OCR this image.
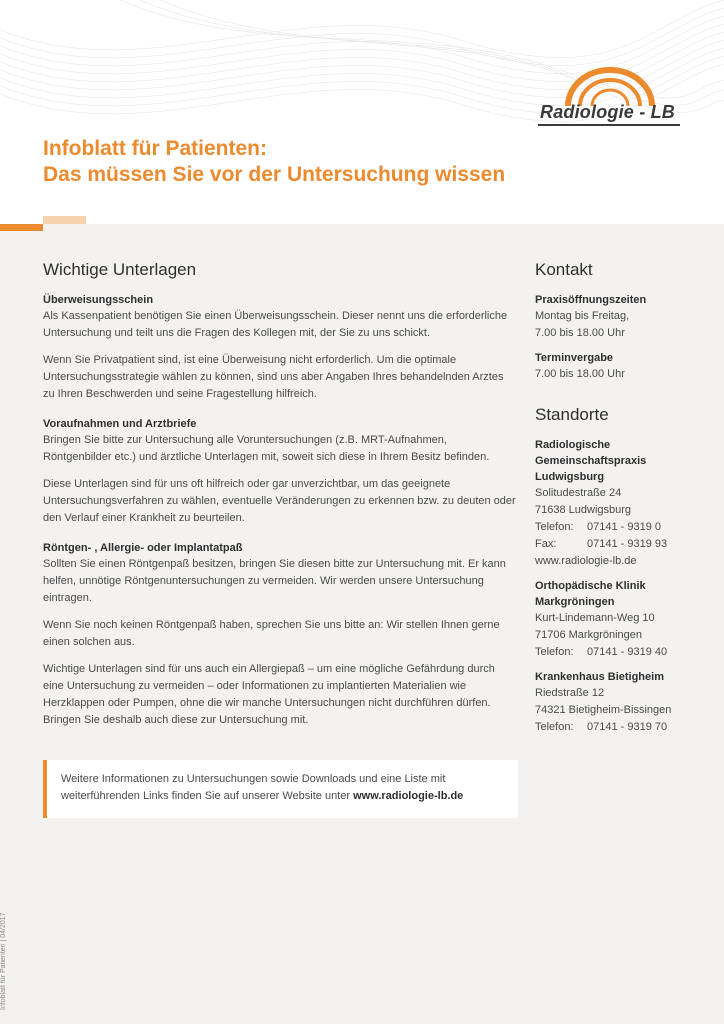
Radiologie - LB
Infoblatt für Patienten:
Das müssen Sie vor der Untersuchung wissen
Wichtige Unterlagen
Überweisungsschein

Als Kassenpatient benötigen Sie einen Überweisungsschein. Dieser nennt uns die erforderliche Untersuchung und teilt uns die Fragen des Kollegen mit, der Sie zu uns schickt.

Wenn Sie Privatpatient sind, ist eine Überweisung nicht erforderlich. Um die optimale Untersuchungsstrategie wählen zu können, sind uns aber Angaben Ihres behandelnden Arztes zu Ihren Beschwerden und seine Fragestellung hilfreich.

Voraufnahmen und Arztbriefe

Bringen Sie bitte zur Untersuchung alle Voruntersuchungen (z.B. MRT-Aufnahmen, Röntgenbilder etc.) und ärztliche Unterlagen mit, soweit sich diese in Ihrem Besitz befinden.

Diese Unterlagen sind für uns oft hilfreich oder gar unverzichtbar, um das geeignete Untersuchungsverfahren zu wählen, eventuelle Veränderungen zu erkennen bzw. zu deuten oder den Verlauf einer Krankheit zu beurteilen.

Röntgen- , Allergie- oder Implantatpaß

Sollten Sie einen Röntgenpaß besitzen, bringen Sie diesen bitte zur Untersuchung mit. Er kann helfen, unnötige Röntgenuntersuchungen zu vermeiden. Wir werden unsere Untersuchung eintragen.

Wenn Sie noch keinen Röntgenpaß haben, sprechen Sie uns bitte an: Wir stellen Ihnen gerne einen solchen aus.

Wichtige Unterlagen sind für uns auch ein Allergiepaß – um eine mögliche Gefährdung durch eine Untersuchung zu vermeiden – oder Informationen zu implantierten Materialien wie Herzklappen oder Pumpen, ohne die wir manche Untersuchungen nicht durchführen dürfen. Bringen Sie deshalb auch diese zur Untersuchung mit.

Weitere Informationen zu Untersuchungen sowie Downloads und eine Liste mit weiterführenden Links finden Sie auf unserer Website unter www.radiologie-lb.de

Kontakt
Praxisöffnungszeiten

Montag bis Freitag,

7.00 bis 18.00 Uhr

Terminvergabe

7.00 bis 18.00 Uhr

Standorte
Radiologische
Gemeinschaftspraxis
Ludwigsburg

Solitudestraße 24

71638 Ludwigsburg

Telefon:	07141 - 9319 0
Fax:	07141 - 9319 93

www.radiologie-lb.de

Orthopädische Klinik
Markgröningen

Kurt-Lindemann-Weg 10

71706 Markgröningen

Telefon:	07141 - 9319 40
Krankenhaus Bietigheim

Riedstraße 12

74321 Bietigheim-Bissingen

Telefon:	07141 - 9319 70
Infoblatt für Patienten | 04/2017
